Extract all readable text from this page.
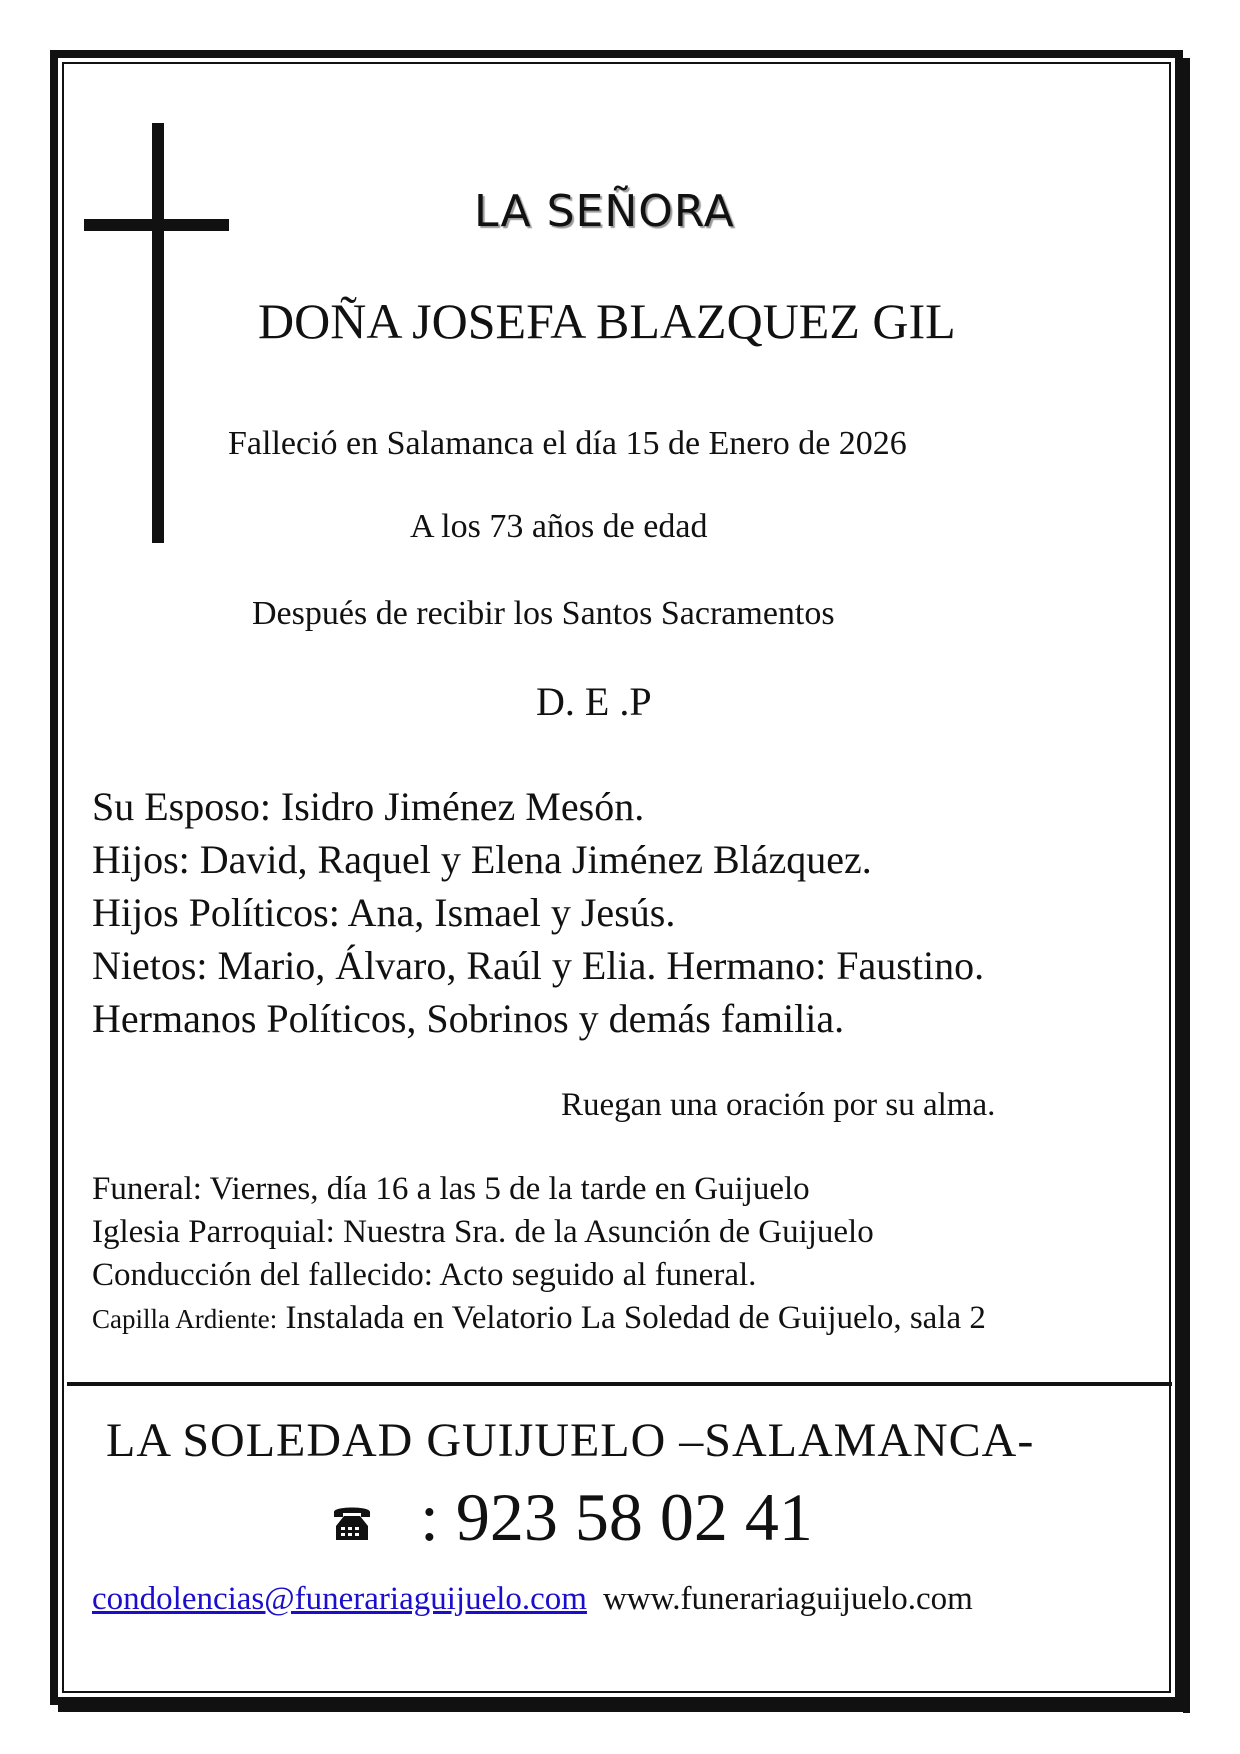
LA SEÑORA
DOÑA JOSEFA BLAZQUEZ GIL
Falleció en Salamanca el día 15 de Enero de 2026
A los 73 años de edad
Después de recibir los Santos Sacramentos
D. E .P
Su Esposo: Isidro Jiménez Mesón.
Hijos: David, Raquel y Elena Jiménez Blázquez.
Hijos Políticos: Ana, Ismael y Jesús.
Nietos: Mario, Álvaro, Raúl y Elia. Hermano: Faustino.
Hermanos Políticos, Sobrinos y demás familia.
Ruegan una oración por su alma.
Funeral: Viernes, día 16 a las 5 de la tarde en Guijuelo
Iglesia Parroquial: Nuestra Sra. de la Asunción de Guijuelo
Conducción del fallecido: Acto seguido al funeral.
Capilla Ardiente: Instalada en Velatorio La Soledad de Guijuelo, sala 2
LA SOLEDAD GUIJUELO –SALAMANCA-
: 923 58 02 41
condolencias@funerariaguijuelo.com www.funerariaguijuelo.com
